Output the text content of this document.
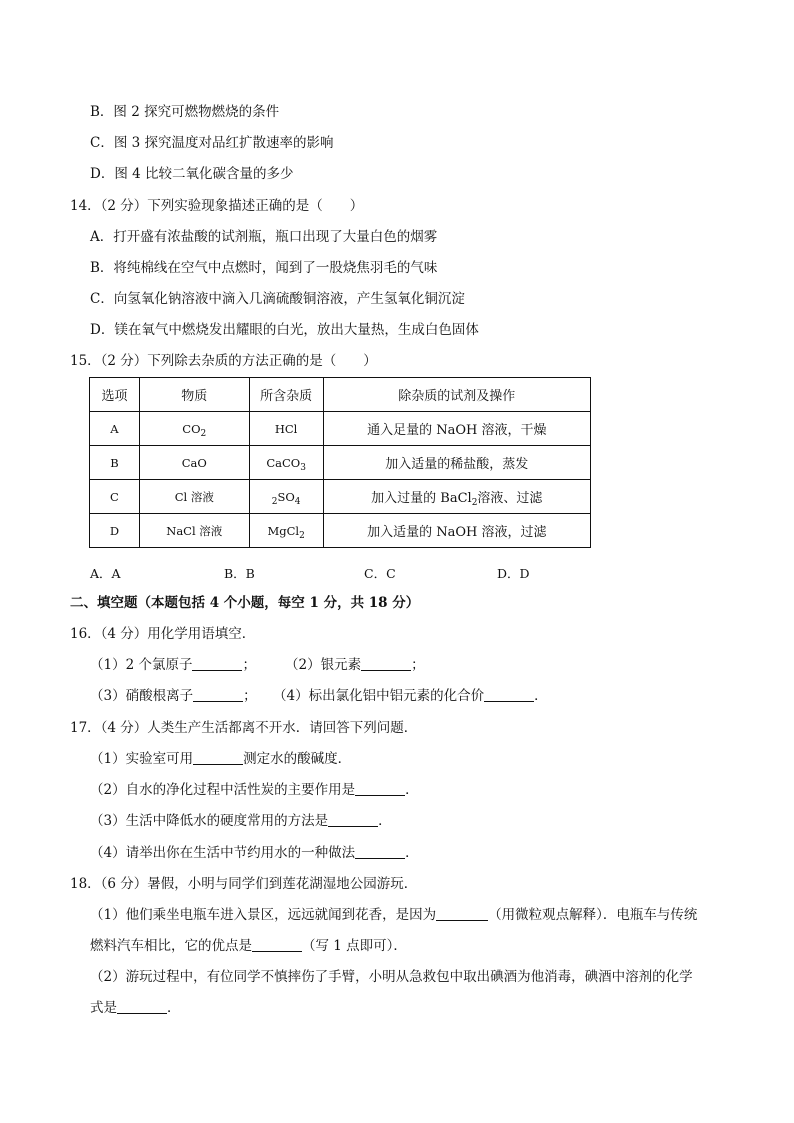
B．图 2 探究可燃物燃烧的条件
C．图 3 探究温度对品红扩散速率的影响
D．图 4 比较二氧化碳含量的多少
14．（2 分）下列实验现象描述正确的是（　　）
A．打开盛有浓盐酸的试剂瓶，瓶口出现了大量白色的烟雾
B．将纯棉线在空气中点燃时，闻到了一股烧焦羽毛的气味
C．向氢氧化钠溶液中滴入几滴硫酸铜溶液，产生氢氧化铜沉淀
D．镁在氧气中燃烧发出耀眼的白光，放出大量热，生成白色固体
15．（2 分）下列除去杂质的方法正确的是（　　）
选项	物质	所含杂质	除杂质的试剂及操作
A	$CO_2$	HCl	通入足量的 NaOH 溶液，干燥
B	CaO	CaCO$_3$	加入适量的稀盐酸，蒸发
C	Cl 溶液	$_2SO_4$	加入过量的 BaCl$_2$溶液、过滤
D	NaCl 溶液	MgCl$_2$	加入适量的 NaOH 溶液，过滤
A．A	B．B	C．C	D．D
二、填空题（本题包括 4 个小题，每空 1 分，共 18 分）
16．（4 分）用化学用语填空．
（1）2 个氯原子	； （2）银元素	；
（3）硝酸根离子	； （4）标出氯化铝中铝元素的化合价	．
17．（4 分）人类生产生活都离不开水．请回答下列问题．
（1）实验室可用	测定水的酸碱度．
（2）自水的净化过程中活性炭的主要作用是	．
（3）生活中降低水的硬度常用的方法是	．
（4）请举出你在生活中节约用水的一种做法	．
18．（6 分）暑假，小明与同学们到莲花湖湿地公园游玩．
（1）他们乘坐电瓶车进入景区，远远就闻到花香，是因为	（用微粒观点解释）．电瓶车与传统
燃料汽车相比，它的优点是	（写 1 点即可）．
（2）游玩过程中，有位同学不慎摔伤了手臂，小明从急救包中取出碘酒为他消毒，碘酒中溶剂的化学
式是	．
